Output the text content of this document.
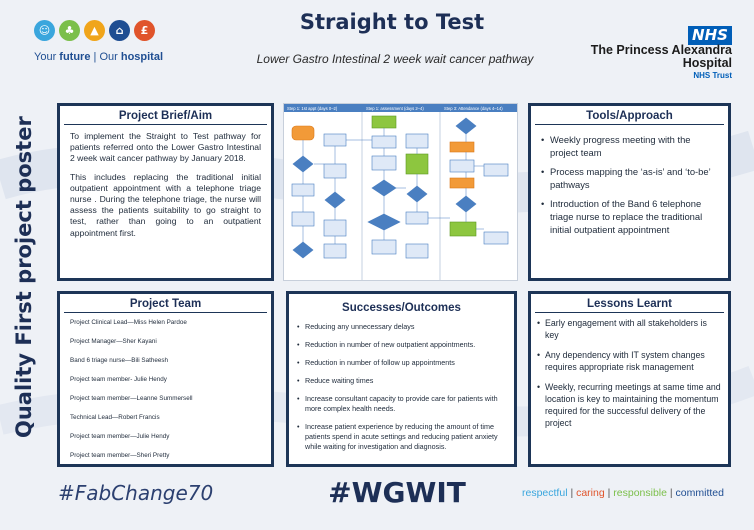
☺	♣	▲	⌂	£
Your future | Our hospital
Straight to Test
Lower Gastro Intestinal 2 week wait cancer pathway
NHS
The Princess Alexandra
Hospital
NHS Trust
Quality First project poster
Project Brief/Aim

To implement the Straight to Test pathway for patients referred onto the Lower Gastro Intestinal 2 week wait cancer pathway by January 2018.

This includes replacing the traditional initial outpatient appointment with a telephone triage nurse . During the telephone triage, the nurse will assess the patients suitability to go straight to test, rather than going to an outpatient appointment first.

Step 1: 1st appt (days 0–2)	Step 1: assessment (days 2–4)	Step 3: Attendance (days 4–14)
Tools/Approach
• Weekly progress meeting with the project team
• Process mapping the ‘as-is’ and ‘to-be’ pathways
• Introduction of the Band 6 telephone triage nurse to replace the traditional initial outpatient appointment
Project Team
Project Clinical Lead—Miss Helen Pardoe
Project Manager—Sher Kayani
Band 6 triage nurse—Bili Satheesh
Project team member- Julie Hendy
Project team member—Leanne Summersell
Technical Lead—Robert Francis
Project team member—Julie Hendy
Project team member—Sheri Pretty
Successes/Outcomes
• Reducing any unnecessary delays
• Reduction in number of new outpatient appointments.
• Reduction in number of follow up appointments
• Reduce waiting times
• Increase consultant capacity to provide care for patients with more complex health needs.
• Increase patient experience by reducing the amount of time patients spend in acute settings and reducing patient anxiety while waiting for investigation and diagnosis.
Lessons Learnt
• Early engagement with all stakeholders is key
• Any dependency with IT system changes requires appropriate risk management
• Weekly, recurring meetings at same time and location is key to maintaining the momentum required for the successful delivery of the project
#FabChange70	#WGWIT	respectful | caring | responsible | committed
